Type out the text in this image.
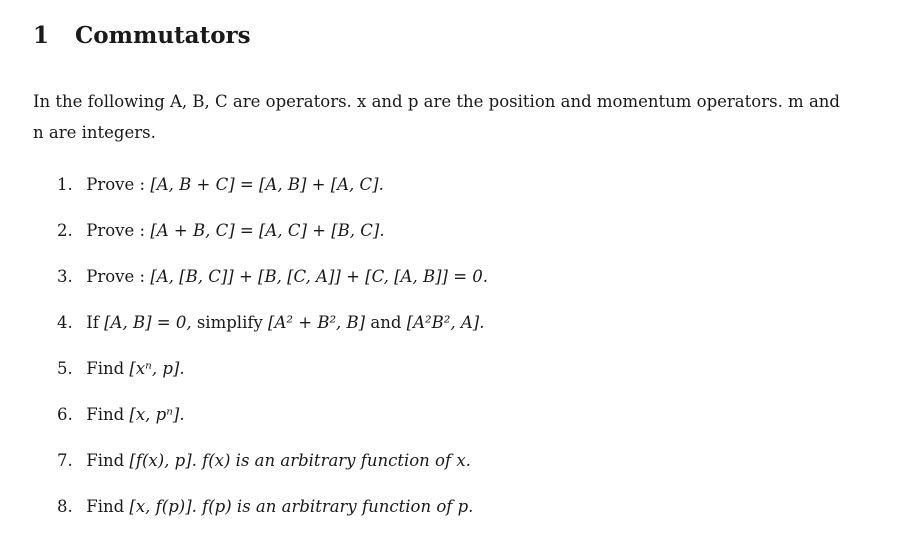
1 Commutators
In the following A, B, C are operators. x and p are the position and momentum operators. m and
n are integers.
1. Prove : [A, B + C] = [A, B] + [A, C].
2. Prove : [A + B, C] = [A, C] + [B, C].
3. Prove : [A, [B, C]] + [B, [C, A]] + [C, [A, B]] = 0.
4. If [A, B] = 0, simplify [A² + B², B] and [A²B², A].
5. Find [xⁿ, p].
6. Find [x, pⁿ].
7. Find [f(x), p]. f(x) is an arbitrary function of x.
8. Find [x, f(p)]. f(p) is an arbitrary function of p.
